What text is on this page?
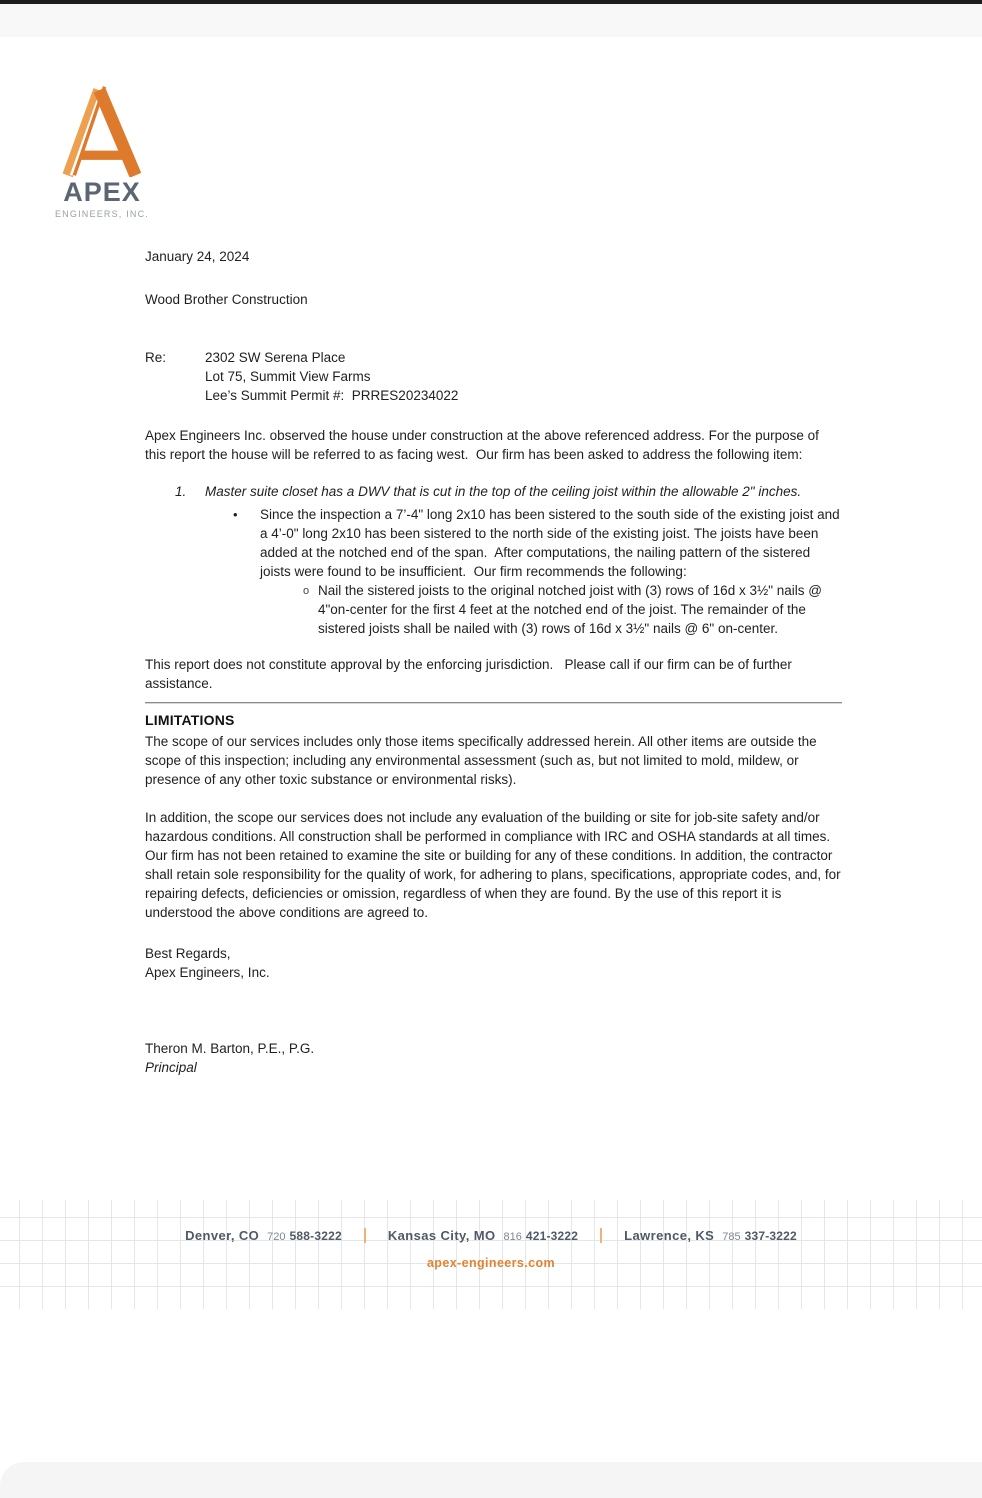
APEX
ENGINEERS, INC.

January 24, 2024

Wood Brother Construction

Re:	2302 SW Serena Place
Lot 75, Summit View Farms
Lee’s Summit Permit #:  PRRES20234022

Apex Engineers Inc. observed the house under construction at the above referenced address. For the purpose of this report the house will be referred to as facing west.  Our firm has been asked to address the following item:

1.	Master suite closet has a DWV that is cut in the top of the ceiling joist within the allowable 2" inches.
•	Since the inspection a 7’-4" long 2x10 has been sistered to the south side of the existing joist and a 4’-0" long 2x10 has been sistered to the north side of the existing joist. The joists have been added at the notched end of the span.  After computations, the nailing pattern of the sistered joists were found to be insufficient.  Our firm recommends the following:
o Nail the sistered joists to the original notched joist with (3) rows of 16d x 3½" nails @ 4"on-center for the first 4 feet at the notched end of the joist. The remainder of the sistered joists shall be nailed with (3) rows of 16d x 3½" nails @ 6" on-center.

This report does not constitute approval by the enforcing jurisdiction.   Please call if our firm can be of further assistance.

LIMITATIONS

The scope of our services includes only those items specifically addressed herein. All other items are outside the scope of this inspection; including any environmental assessment (such as, but not limited to mold, mildew, or presence of any other toxic substance or environmental risks).

In addition, the scope our services does not include any evaluation of the building or site for job-site safety and/or hazardous conditions. All construction shall be performed in compliance with IRC and OSHA standards at all times. Our firm has not been retained to examine the site or building for any of these conditions. In addition, the contractor shall retain sole responsibility for the quality of work, for adhering to plans, specifications, appropriate codes, and, for repairing defects, deficiencies or omission, regardless of when they are found. By the use of this report it is understood the above conditions are agreed to.

Best Regards,
Apex Engineers, Inc.
Theron M. Barton, P.E., P.G.
Principal
Denver, CO 720 588-3222	Kansas City, MO 816 421-3222	Lawrence, KS 785 337-3222
apex-engineers.com
